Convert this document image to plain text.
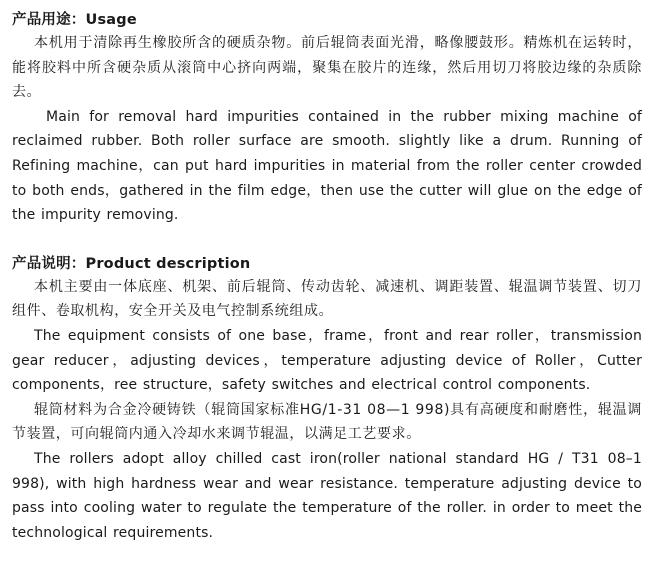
产品用途：Usage

本机用于清除再生橡胶所含的硬质杂物。前后辊筒表面光滑，略像腰鼓形。精炼机在运转时，能将胶料中所含硬杂质从滚筒中心挤向两端，聚集在胶片的连缘，然后用切刀将胶边缘的杂质除去。

Main for removal hard impurities contained in the rubber mixing machine of reclaimed rubber. Both roller surface are smooth. slightly like a drum. Running of Refining machine，can put hard impurities in material from the roller center crowded to both ends，gathered in the film edge，then use the cutter will glue on the edge of the impurity removing.

产品说明：Product description

本机主要由一体底座、机架、前后辊筒、传动齿轮、减速机、调距装置、辊温调节装置、切刀组件、卷取机构，安全开关及电气控制系统组成。

The equipment consists of one base，frame，front and rear roller，transmission gear reducer，adjusting devices，temperature adjusting device of Roller，Cutter components，ree structure，safety switches and electrical control components.

辊筒材料为合金冷硬铸铁（辊筒国家标准HG/1-31 08—1 998)具有高硬度和耐磨性，辊温调节装置，可向辊筒内通入冷却水来调节辊温，以满足工艺要求。

The rollers adopt alloy chilled cast iron(roller national standard HG / T31 08–1 998), with high hardness wear and wear resistance. temperature adjusting device to pass into cooling water to regulate the temperature of the roller. in order to meet the technological requirements.
